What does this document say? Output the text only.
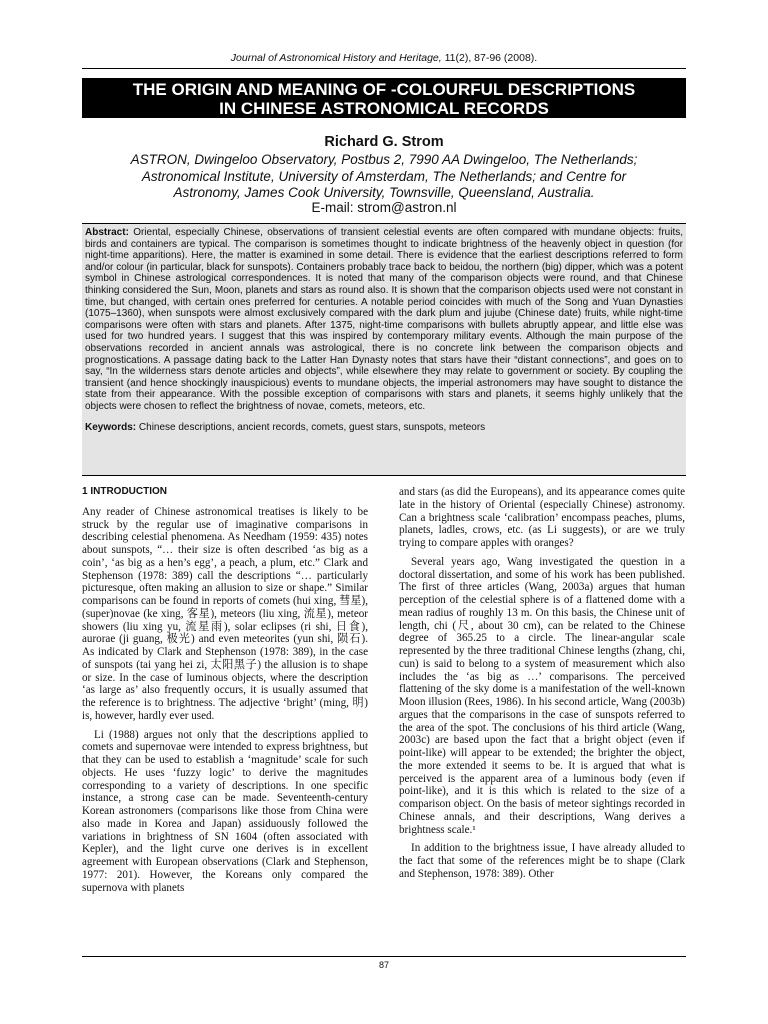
Journal of Astronomical History and Heritage, 11(2), 87-96 (2008).
THE ORIGIN AND MEANING OF -COLOURFUL DESCRIPTIONS
IN CHINESE ASTRONOMICAL RECORDS
Richard G. Strom
ASTRON, Dwingeloo Observatory, Postbus 2, 7990 AA Dwingeloo, The Netherlands;
Astronomical Institute, University of Amsterdam, The Netherlands; and Centre for
Astronomy, James Cook University, Townsville, Queensland, Australia.
E-mail: strom@astron.nl
Abstract: Oriental, especially Chinese, observations of transient celestial events are often compared with mundane objects: fruits, birds and containers are typical. The comparison is sometimes thought to indicate brightness of the heavenly object in question (for night-time apparitions). Here, the matter is examined in some detail. There is evidence that the earliest descriptions referred to form and/or colour (in particular, black for sunspots). Containers probably trace back to beidou, the northern (big) dipper, which was a potent symbol in Chinese astrological correspondences. It is noted that many of the comparison objects were round, and that Chinese thinking considered the Sun, Moon, planets and stars as round also. It is shown that the comparison objects used were not constant in time, but changed, with certain ones preferred for centuries. A notable period coincides with much of the Song and Yuan Dynasties (1075–1360), when sunspots were almost exclusively compared with the dark plum and jujube (Chinese date) fruits, while night-time comparisons were often with stars and planets. After 1375, night-time comparisons with bullets abruptly appear, and little else was used for two hundred years. I suggest that this was inspired by contemporary military events. Although the main purpose of the observations recorded in ancient annals was astrological, there is no concrete link between the comparison objects and prognostications. A passage dating back to the Latter Han Dynasty notes that stars have their “distant connections”, and goes on to say, “In the wilderness stars denote articles and objects”, while elsewhere they may relate to government or society. By coupling the transient (and hence shockingly inauspicious) events to mundane objects, the imperial astronomers may have sought to distance the state from their appearance. With the possible exception of comparisons with stars and planets, it seems highly unlikely that the objects were chosen to reflect the brightness of novae, comets, meteors, etc.
Keywords: Chinese descriptions, ancient records, comets, guest stars, sunspots, meteors
1 INTRODUCTION

Any reader of Chinese astronomical treatises is likely to be struck by the regular use of imaginative comparisons in describing celestial phenomena. As Needham (1959: 435) notes about sunspots, “… their size is often described ‘as big as a coin’, ‘as big as a hen’s egg’, a peach, a plum, etc.” Clark and Stephenson (1978: 389) call the descriptions “… particularly picturesque, often making an allusion to size or shape.” Similar comparisons can be found in reports of comets (hui xing, 彗星), (super)novae (ke xing, 客星), meteors (liu xing, 流星), meteor showers (liu xing yu, 流星雨), solar eclipses (ri shi, 日食), aurorae (ji guang, 极光) and even meteorites (yun shi, 陨石). As indicated by Clark and Stephenson (1978: 389), in the case of sunspots (tai yang hei zi, 太阳黑子) the allusion is to shape or size. In the case of luminous objects, where the description ‘as large as’ also frequently occurs, it is usually assumed that the reference is to brightness. The adjective ‘bright’ (ming, 明) is, however, hardly ever used.

Li (1988) argues not only that the descriptions applied to comets and supernovae were intended to express brightness, but that they can be used to establish a ‘magnitude’ scale for such objects. He uses ‘fuzzy logic’ to derive the magnitudes corresponding to a variety of descriptions. In one specific instance, a strong case can be made. Seventeenth-century Korean astronomers (comparisons like those from China were also made in Korea and Japan) assiduously followed the variations in brightness of SN 1604 (often associated with Kepler), and the light curve one derives is in excellent agreement with European observations (Clark and Stephenson, 1977: 201). However, the Koreans only compared the supernova with planets

and stars (as did the Europeans), and its appearance comes quite late in the history of Oriental (especially Chinese) astronomy. Can a brightness scale ‘calibration’ encompass peaches, plums, planets, ladles, crows, etc. (as Li suggests), or are we truly trying to compare apples with oranges?

Several years ago, Wang investigated the question in a doctoral dissertation, and some of his work has been published. The first of three articles (Wang, 2003a) argues that human perception of the celestial sphere is of a flattened dome with a mean radius of roughly 13 m. On this basis, the Chinese unit of length, chi (尺, about 30 cm), can be related to the Chinese degree of 365.25 to a circle. The linear-angular scale represented by the three traditional Chinese lengths (zhang, chi, cun) is said to belong to a system of measurement which also includes the ‘as big as …’ comparisons. The perceived flattening of the sky dome is a manifestation of the well-known Moon illusion (Rees, 1986). In his second article, Wang (2003b) argues that the comparisons in the case of sunspots referred to the area of the spot. The conclusions of his third article (Wang, 2003c) are based upon the fact that a bright object (even if point-like) will appear to be extended; the brighter the object, the more extended it seems to be. It is argued that what is perceived is the apparent area of a luminous body (even if point-like), and it is this which is related to the size of a comparison object. On the basis of meteor sightings recorded in Chinese annals, and their descriptions, Wang derives a brightness scale.¹

In addition to the brightness issue, I have already alluded to the fact that some of the references might be to shape (Clark and Stephenson, 1978: 389). Other

87
